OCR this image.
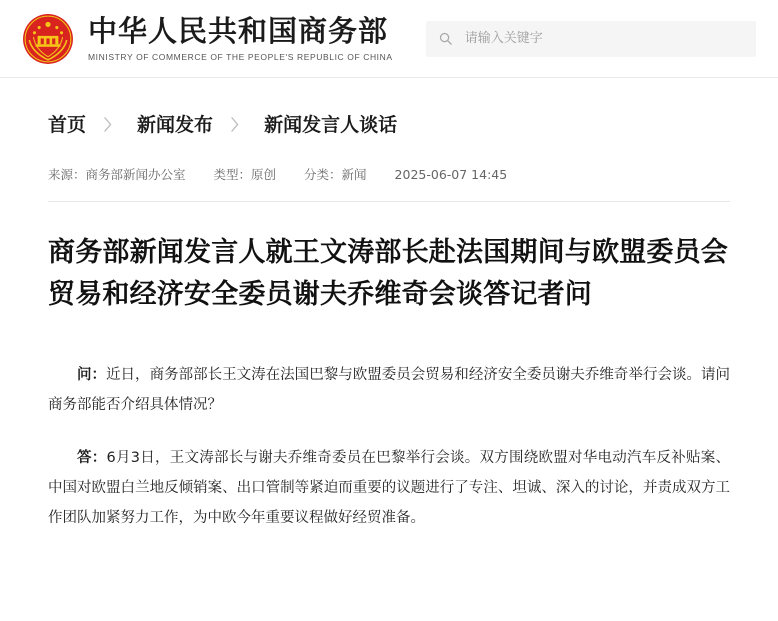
中华人民共和国商务部
MINISTRY OF COMMERCE OF THE PEOPLE'S REPUBLIC OF CHINA
请输入关键字
首页 〉 新闻发布 〉 新闻发言人谈话
来源：商务部新闻办公室 类型：原创 分类：新闻 2025-06-07 14:45
商务部新闻发言人就王文涛部长赴法国期间与欧盟委员会贸易和经济安全委员谢夫乔维奇会谈答记者问

问：近日，商务部部长王文涛在法国巴黎与欧盟委员会贸易和经济安全委员谢夫乔维奇举行会谈。请问商务部能否介绍具体情况？

答：6月3日，王文涛部长与谢夫乔维奇委员在巴黎举行会谈。双方围绕欧盟对华电动汽车反补贴案、中国对欧盟白兰地反倾销案、出口管制等紧迫而重要的议题进行了专注、坦诚、深入的讨论，并责成双方工作团队加紧努力工作，为中欧今年重要议程做好经贸准备。
